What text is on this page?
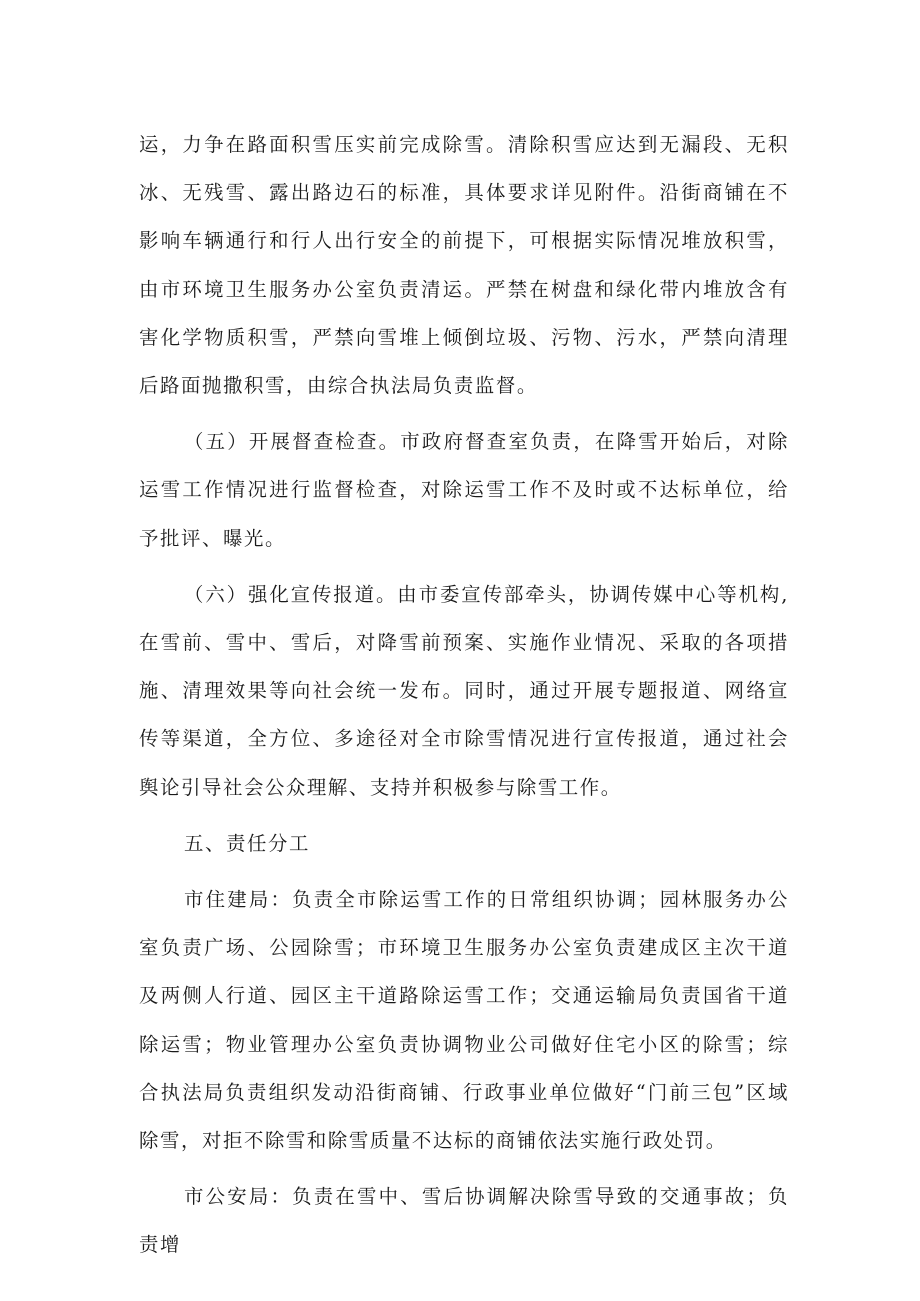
运，力争在路面积雪压实前完成除雪。清除积雪应达到无漏段、无积冰、无残雪、露出路边石的标准，具体要求详见附件。沿街商铺在不影响车辆通行和行人出行安全的前提下，可根据实际情况堆放积雪，由市环境卫生服务办公室负责清运。严禁在树盘和绿化带内堆放含有害化学物质积雪，严禁向雪堆上倾倒垃圾、污物、污水，严禁向清理后路面抛撒积雪，由综合执法局负责监督。

（五）开展督查检查。市政府督查室负责，在降雪开始后，对除运雪工作情况进行监督检查，对除运雪工作不及时或不达标单位，给予批评、曝光。

（六）强化宣传报道。由市委宣传部牵头，协调传媒中心等机构,在雪前、雪中、雪后，对降雪前预案、实施作业情况、采取的各项措施、清理效果等向社会统一发布。同时，通过开展专题报道、网络宣传等渠道，全方位、多途径对全市除雪情况进行宣传报道，通过社会舆论引导社会公众理解、支持并积极参与除雪工作。

五、责任分工

市住建局：负责全市除运雪工作的日常组织协调；园林服务办公室负责广场、公园除雪；市环境卫生服务办公室负责建成区主次干道及两侧人行道、园区主干道路除运雪工作；交通运输局负责国省干道除运雪；物业管理办公室负责协调物业公司做好住宅小区的除雪；综合执法局负责组织发动沿街商铺、行政事业单位做好“门前三包”区域除雪，对拒不除雪和除雪质量不达标的商铺依法实施行政处罚。

市公安局：负责在雪中、雪后协调解决除雪导致的交通事故；负责增
